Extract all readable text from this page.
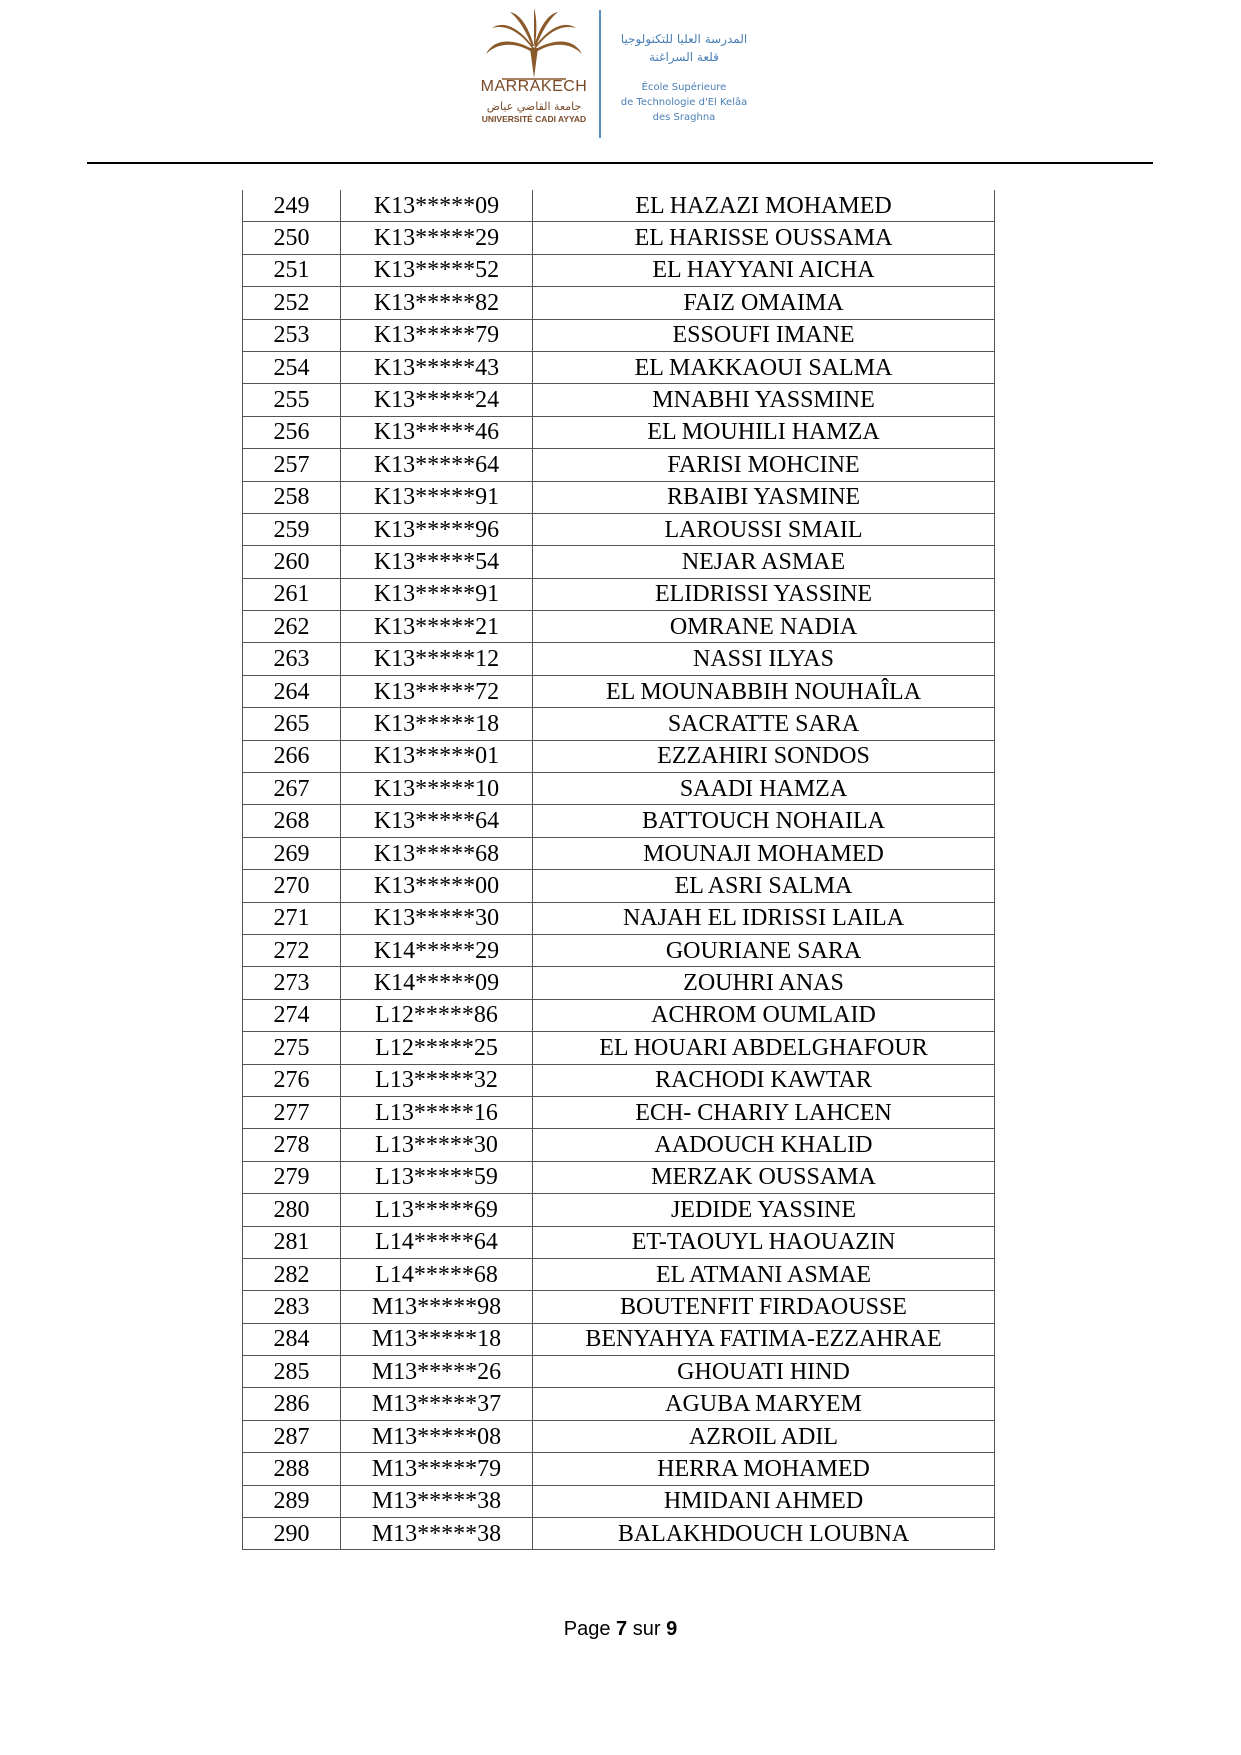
MARRAKECH
جامعة القاضي عياض
UNIVERSITÉ CADI AYYAD
المدرسة العليا للتكنولوجيا
قلعة السراغنة
École Supérieure
de Technologie d'El Kelâa
des Sraghna
249	K13*****09	EL HAZAZI MOHAMED
250	K13*****29	EL HARISSE OUSSAMA
251	K13*****52	EL HAYYANI AICHA
252	K13*****82	FAIZ OMAIMA
253	K13*****79	ESSOUFI IMANE
254	K13*****43	EL MAKKAOUI SALMA
255	K13*****24	MNABHI YASSMINE
256	K13*****46	EL MOUHILI HAMZA
257	K13*****64	FARISI MOHCINE
258	K13*****91	RBAIBI YASMINE
259	K13*****96	LAROUSSI SMAIL
260	K13*****54	NEJAR ASMAE
261	K13*****91	ELIDRISSI YASSINE
262	K13*****21	OMRANE NADIA
263	K13*****12	NASSI ILYAS
264	K13*****72	EL MOUNABBIH NOUHAÎLA
265	K13*****18	SACRATTE SARA
266	K13*****01	EZZAHIRI SONDOS
267	K13*****10	SAADI HAMZA
268	K13*****64	BATTOUCH NOHAILA
269	K13*****68	MOUNAJI MOHAMED
270	K13*****00	EL ASRI SALMA
271	K13*****30	NAJAH EL IDRISSI LAILA
272	K14*****29	GOURIANE SARA
273	K14*****09	ZOUHRI ANAS
274	L12*****86	ACHROM OUMLAID
275	L12*****25	EL HOUARI ABDELGHAFOUR
276	L13*****32	RACHODI KAWTAR
277	L13*****16	ECH- CHARIY LAHCEN
278	L13*****30	AADOUCH KHALID
279	L13*****59	MERZAK OUSSAMA
280	L13*****69	JEDIDE YASSINE
281	L14*****64	ET-TAOUYL HAOUAZIN
282	L14*****68	EL ATMANI ASMAE
283	M13*****98	BOUTENFIT FIRDAOUSSE
284	M13*****18	BENYAHYA FATIMA-EZZAHRAE
285	M13*****26	GHOUATI HIND
286	M13*****37	AGUBA MARYEM
287	M13*****08	AZROIL ADIL
288	M13*****79	HERRA MOHAMED
289	M13*****38	HMIDANI AHMED
290	M13*****38	BALAKHDOUCH LOUBNA
Page 7 sur 9
